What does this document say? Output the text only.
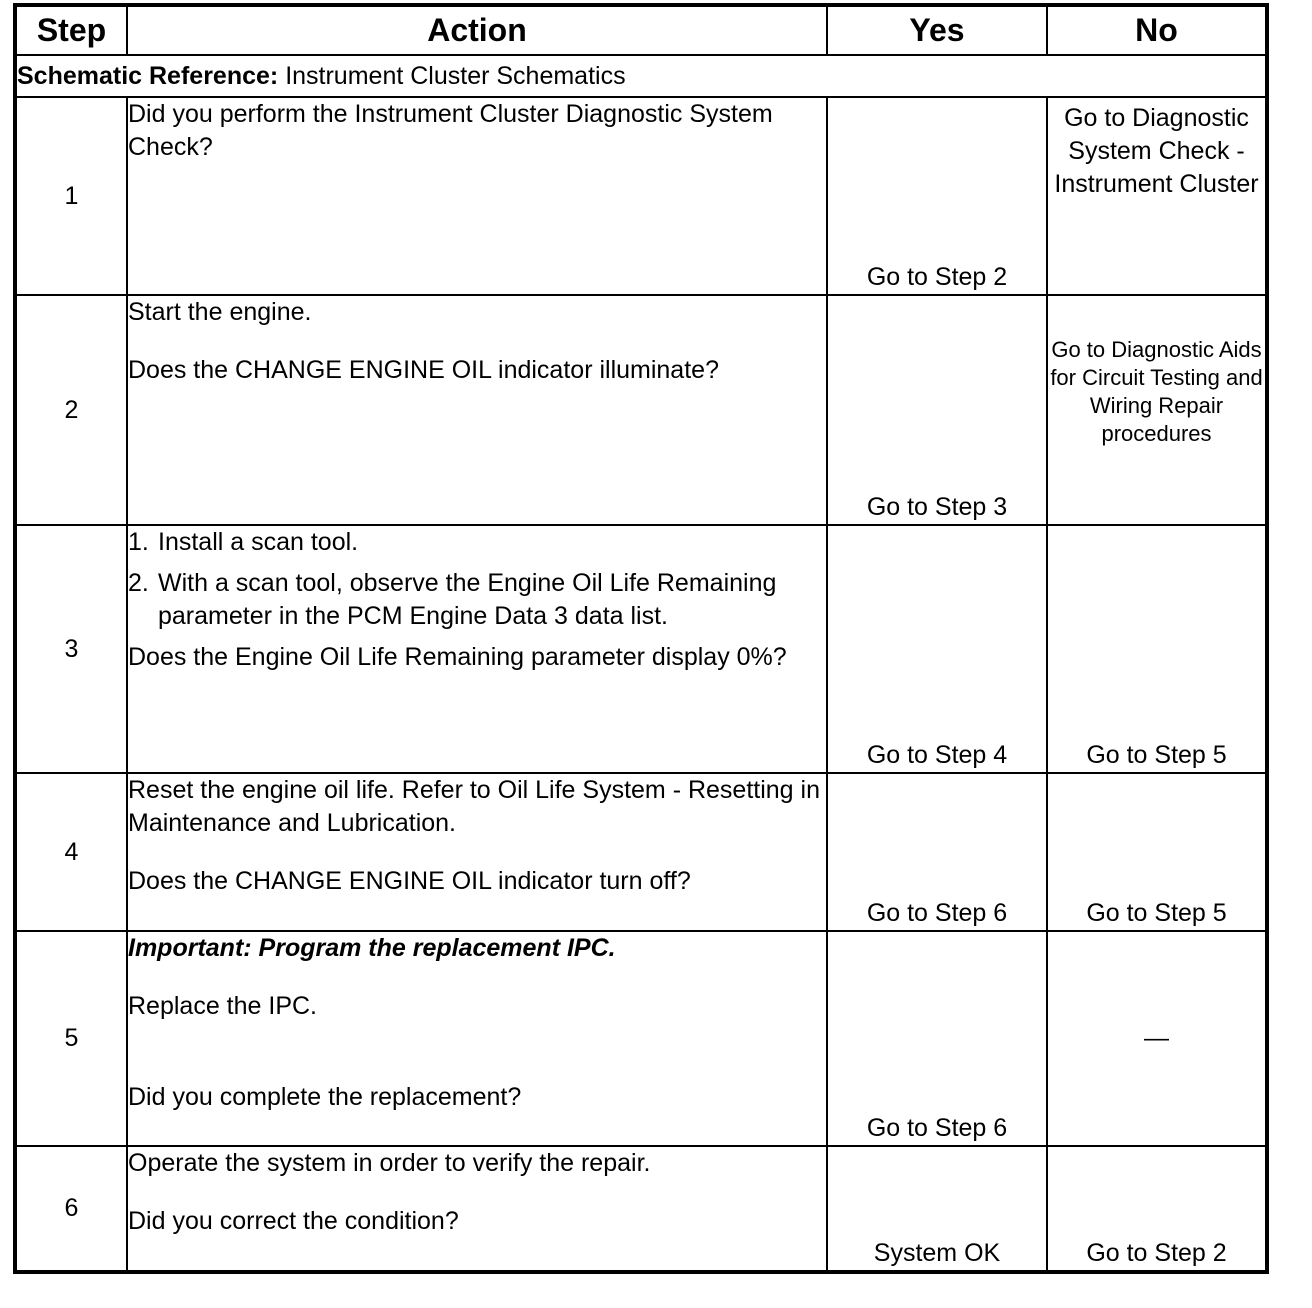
Step	Action	Yes	No
Schematic Reference: Instrument Cluster Schematics			
1	Did you perform the Instrument Cluster Diagnostic System Check?	Go to Step 2	Go to Diagnostic System Check - Instrument Cluster
2	Start the engine.

Does the CHANGE ENGINE OIL indicator illuminate?	Go to Step 3	Go to Diagnostic Aids for Circuit Testing and Wiring Repair procedures
3	1. Install a scan tool.
2. With a scan tool, observe the Engine Oil Life Remaining parameter in the PCM Engine Data 3 data list.

Does the Engine Oil Life Remaining parameter display 0%?	Go to Step 4	Go to Step 5
4	Reset the engine oil life. Refer to Oil Life System - Resetting in Maintenance and Lubrication.

Does the CHANGE ENGINE OIL indicator turn off?	Go to Step 6	Go to Step 5
5	Important: Program the replacement IPC.

Replace the IPC.

Did you complete the replacement?	Go to Step 6	—
6	Operate the system in order to verify the repair.

Did you correct the condition?	System OK	Go to Step 2
